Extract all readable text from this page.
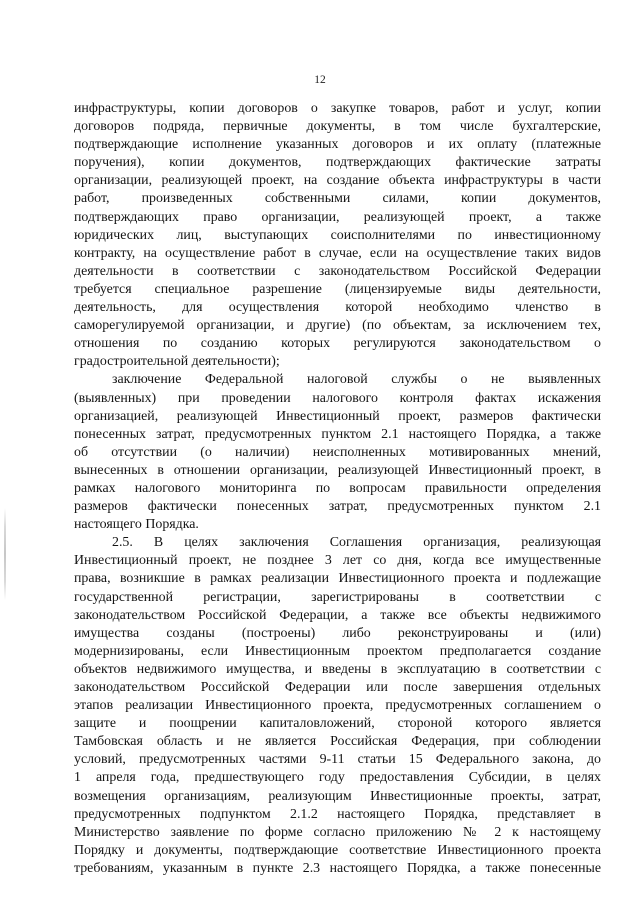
12
инфраструктуры, копии договоров о закупке товаров, работ и услуг, копии
договоров подряда, первичные документы, в том числе бухгалтерские,
подтверждающие исполнение указанных договоров и их оплату (платежные
поручения), копии документов, подтверждающих фактические затраты
организации, реализующей проект, на создание объекта инфраструктуры в части
работ, произведенных собственными силами, копии документов,
подтверждающих право организации, реализующей проект, а также
юридических лиц, выступающих соисполнителями по инвестиционному
контракту, на осуществление работ в случае, если на осуществление таких видов
деятельности в соответствии с законодательством Российской Федерации
требуется специальное разрешение (лицензируемые виды деятельности,
деятельность, для осуществления которой необходимо членство в
саморегулируемой организации, и другие) (по объектам, за исключением тех,
отношения по созданию которых регулируются законодательством о
градостроительной деятельности);
заключение Федеральной налоговой службы о не выявленных
(выявленных) при проведении налогового контроля фактах искажения
организацией, реализующей Инвестиционный проект, размеров фактически
понесенных затрат, предусмотренных пунктом 2.1 настоящего Порядка, а также
об отсутствии (о наличии) неисполненных мотивированных мнений,
вынесенных в отношении организации, реализующей Инвестиционный проект, в
рамках налогового мониторинга по вопросам правильности определения
размеров фактически понесенных затрат, предусмотренных пунктом 2.1
настоящего Порядка.
2.5. В целях заключения Соглашения организация, реализующая
Инвестиционный проект, не позднее 3 лет со дня, когда все имущественные
права, возникшие в рамках реализации Инвестиционного проекта и подлежащие
государственной регистрации, зарегистрированы в соответствии с
законодательством Российской Федерации, а также все объекты недвижимого
имущества созданы (построены) либо реконструированы и (или)
модернизированы, если Инвестиционным проектом предполагается создание
объектов недвижимого имущества, и введены в эксплуатацию в соответствии с
законодательством Российской Федерации или после завершения отдельных
этапов реализации Инвестиционного проекта, предусмотренных соглашением о
защите и поощрении капиталовложений, стороной которого является
Тамбовская область и не является Российская Федерация, при соблюдении
условий, предусмотренных частями 9-11 статьи 15 Федерального закона, до
1 апреля года, предшествующего году предоставления Субсидии, в целях
возмещения организациям, реализующим Инвестиционные проекты, затрат,
предусмотренных подпунктом 2.1.2 настоящего Порядка, представляет в
Министерство заявление по форме согласно приложению № 2 к настоящему
Порядку и документы, подтверждающие соответствие Инвестиционного проекта
требованиям, указанным в пункте 2.3 настоящего Порядка, а также понесенные
